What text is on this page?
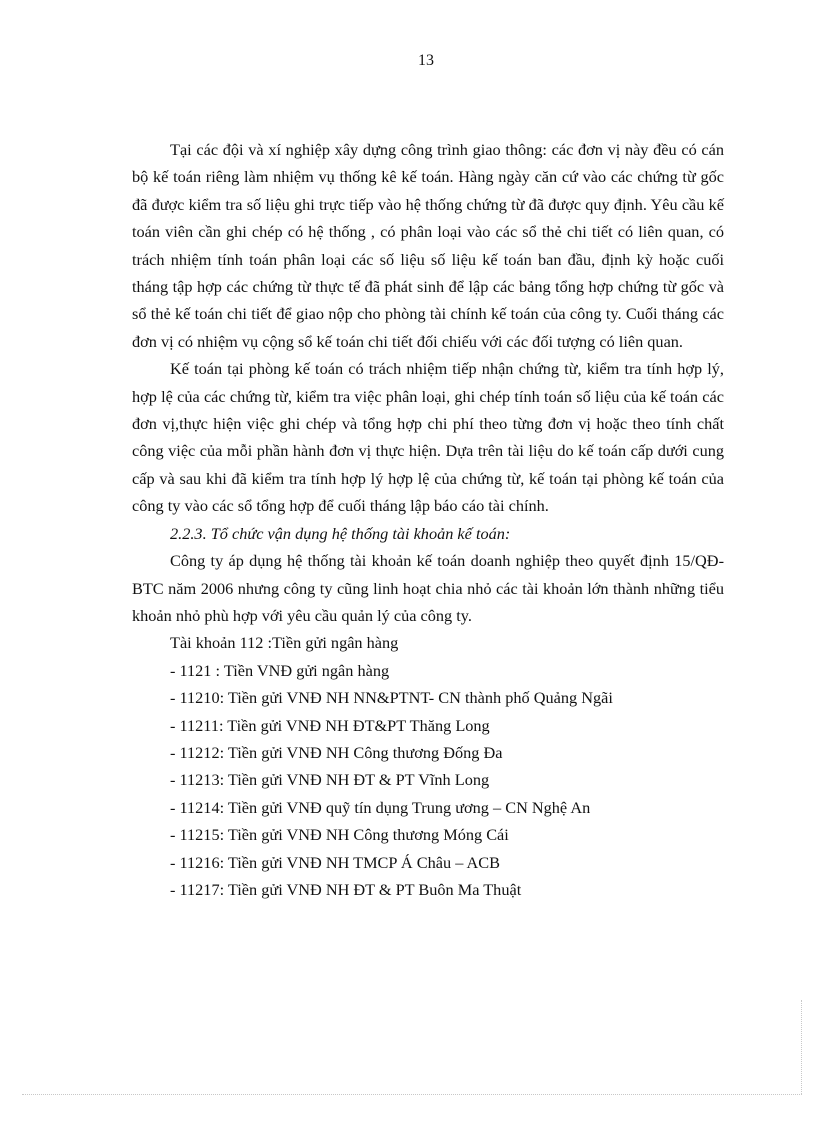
13

Tại các đội và xí nghiệp xây dựng công trình giao thông: các đơn vị này đều có cán bộ kế toán riêng làm nhiệm vụ thống kê kế toán. Hàng ngày căn cứ vào các chứng từ gốc đã được kiểm tra số liệu ghi trực tiếp vào hệ thống chứng từ đã được quy định. Yêu cầu kế toán viên cần ghi chép có hệ thống , có phân loại vào các sổ thẻ chi tiết có liên quan, có trách nhiệm tính toán phân loại các số liệu số liệu kế toán ban đầu, định kỳ hoặc cuối tháng tập hợp các chứng từ thực tế đã phát sinh để lập các bảng tổng hợp chứng từ gốc và sổ thẻ kế toán chi tiết để giao nộp cho phòng tài chính kế toán của công ty. Cuối tháng các đơn vị có nhiệm vụ cộng sổ kế toán chi tiết đối chiếu với các đối tượng có liên quan.

Kế toán tại phòng kế toán có trách nhiệm tiếp nhận chứng từ, kiểm tra tính hợp lý, hợp lệ của các chứng từ, kiểm tra việc phân loại, ghi chép tính toán số liệu của kế toán các đơn vị,thực hiện việc ghi chép và tổng hợp chi phí theo từng đơn vị hoặc theo tính chất công việc của mỗi phần hành đơn vị thực hiện. Dựa trên tài liệu do kế toán cấp dưới cung cấp và sau khi đã kiểm tra tính hợp lý hợp lệ của chứng từ, kế toán tại phòng kế toán của công ty vào các sổ tổng hợp để cuối tháng lập báo cáo tài chính.

2.2.3. Tổ chức vận dụng hệ thống tài khoản kế toán:

Công ty áp dụng hệ thống tài khoản kế toán doanh nghiệp theo quyết định 15/QĐ-BTC năm 2006 nhưng công ty cũng linh hoạt chia nhỏ các tài khoản lớn thành những tiểu khoản nhỏ phù hợp với yêu cầu quản lý của công ty.

Tài khoản 112 :Tiền gửi ngân hàng

- 1121 : Tiền VNĐ gửi ngân hàng
- 11210: Tiền gửi VNĐ NH NN&PTNT- CN thành phố Quảng Ngãi
- 11211: Tiền gửi VNĐ NH ĐT&PT Thăng Long
- 11212: Tiền gửi VNĐ NH Công thương Đống Đa
- 11213: Tiền gửi VNĐ NH ĐT & PT Vĩnh Long
- 11214: Tiền gửi VNĐ quỹ tín dụng Trung ương – CN Nghệ An
- 11215: Tiền gửi VNĐ NH Công thương Móng Cái
- 11216: Tiền gửi VNĐ NH TMCP Á Châu – ACB
- 11217: Tiền gửi VNĐ NH ĐT & PT Buôn Ma Thuật
